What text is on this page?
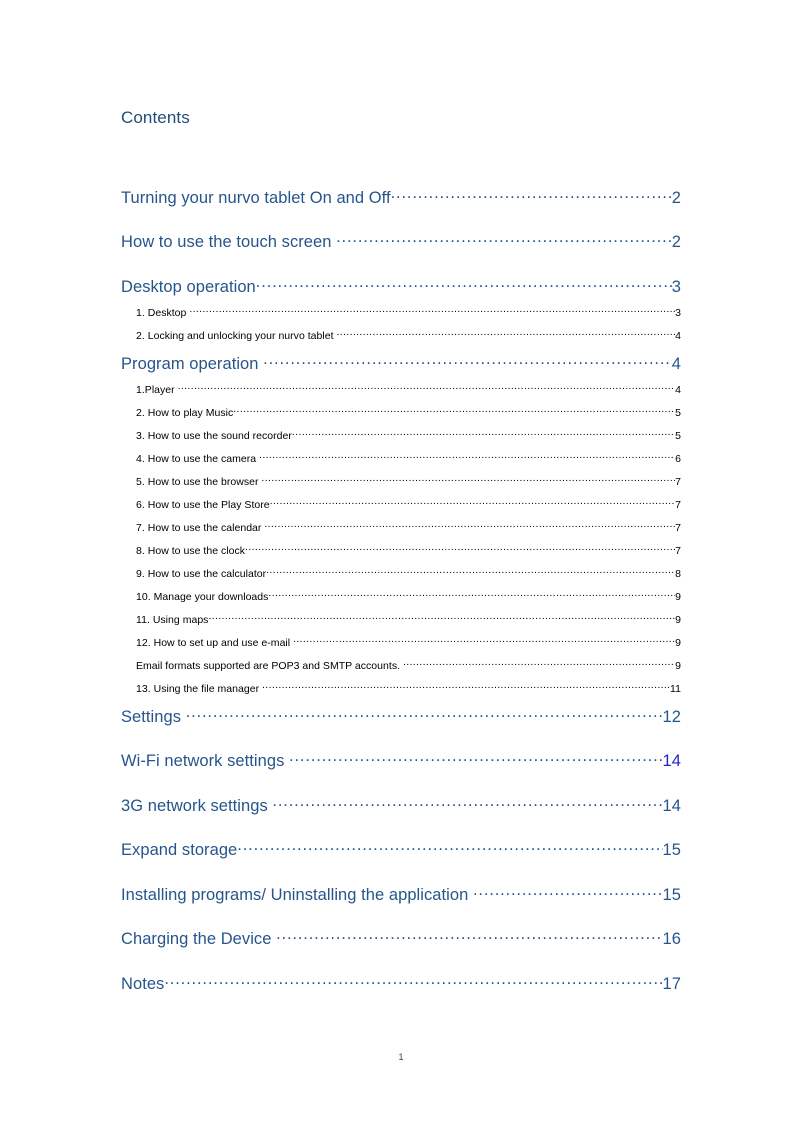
Contents
Turning your nurvo tablet On and Off .....	2
How to use the touch screen .....	2
Desktop operation .....	3
1. Desktop .....	3
2. Locking and unlocking your nurvo tablet .....	4
Program operation .....	4
1.Player .....	4
2. How to play Music .....	5
3. How to use the sound recorder .....	5
4. How to use the camera .....	6
5. How to use the browser .....	7
6. How to use the Play Store .....	7
7. How to use the calendar .....	7
8. How to use the clock .....	7
9. How to use the calculator .....	8
10. Manage your downloads .....	9
11. Using maps .....	9
12. How to set up and use e-mail .....	9
Email formats supported are POP3 and SMTP accounts. .....	9
13. Using the file manager .....	11
Settings .....	12
Wi-Fi network settings .....	14
3G network settings .....	14
Expand storage .....	15
Installing programs/ Uninstalling the application .....	15
Charging the Device .....	16
Notes .....	17
1
